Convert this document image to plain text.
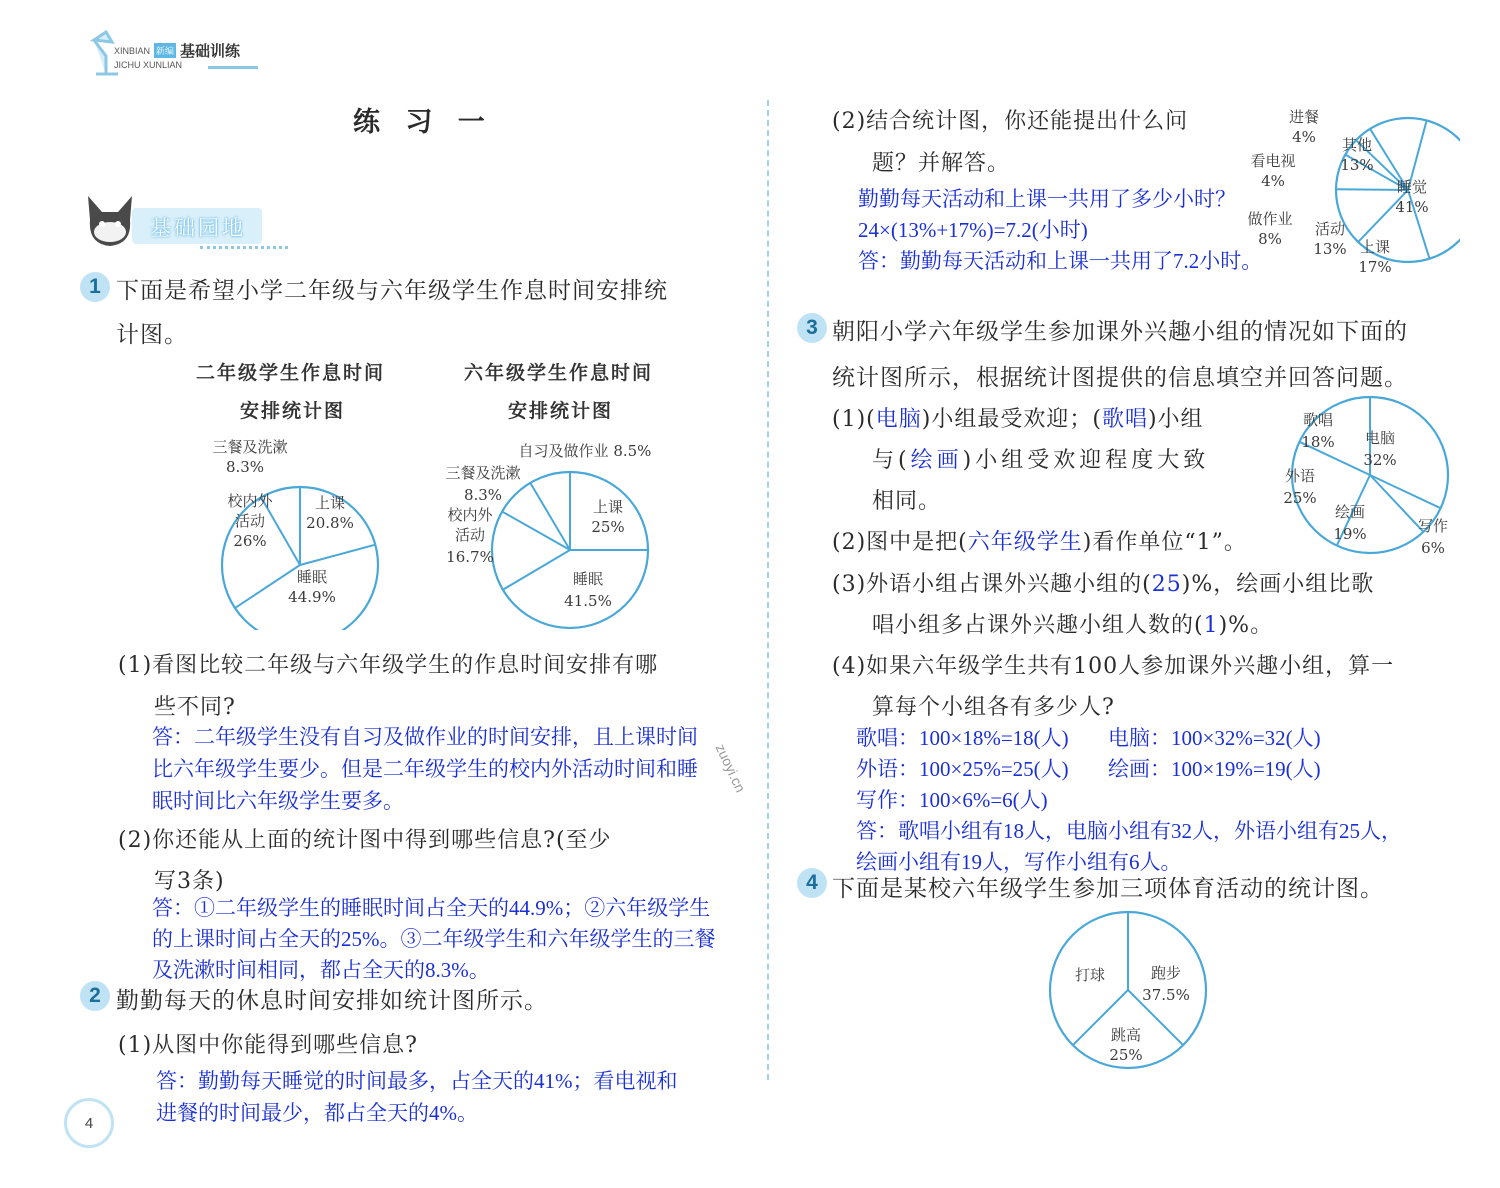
XINBIAN 新编 基础训练
JICHU XUNLIAN
练 习 一
基础园地
1 下面是希望小学二年级与六年级学生作息时间安排统
计图。
二年级学生作息时间
安排统计图
六年级学生作息时间
安排统计图
上课
20.8%
睡眠
44.9%
校内外
活动
26%
三餐及洗漱
8.3%
上课
25%
睡眠
41.5%
校内外
活动
16.7%
三餐及洗漱
8.3%
自习及做作业 8.5%
(1)看图比较二年级与六年级学生的作息时间安排有哪
些不同?
答：二年级学生没有自习及做作业的时间安排，且上课时间
比六年级学生要少。但是二年级学生的校内外活动时间和睡
眠时间比六年级学生要多。
zuoyi.cn
(2)你还能从上面的统计图中得到哪些信息?(至少
写3条)
答：①二年级学生的睡眠时间占全天的44.9%；②六年级学生
的上课时间占全天的25%。③二年级学生和六年级学生的三餐
及洗漱时间相同，都占全天的8.3%。
2 勤勤每天的休息时间安排如统计图所示。
(1)从图中你能得到哪些信息?
答：勤勤每天睡觉的时间最多，占全天的41%；看电视和
进餐的时间最少，都占全天的4%。
4
(2)结合统计图，你还能提出什么问
题？并解答。
勤勤每天活动和上课一共用了多少小时？
24×(13%+17%)=7.2(小时)
答：勤勤每天活动和上课一共用了7.2小时。
睡觉
41%
上课
17%
活动
13%
做作业
8%
看电视
4%
进餐
4% 其他
13%
3 朝阳小学六年级学生参加课外兴趣小组的情况如下面的
统计图所示，根据统计图提供的信息填空并回答问题。
(1)(电脑)小组最受欢迎；(歌唱)小组
与(绘画)小组受欢迎程度大致
相同。
(2)图中是把(六年级学生)看作单位“1”。
(3)外语小组占课外兴趣小组的(25)%，绘画小组比歌
唱小组多占课外兴趣小组人数的(1)%。
电脑
32%
写作
6%
绘画
19%
外语
25%
歌唱
18%
(4)如果六年级学生共有100人参加课外兴趣小组，算一
算每个小组各有多少人?
歌唱：100×18%=18(人) 电脑：100×32%=32(人)
外语：100×25%=25(人) 绘画：100×19%=19(人)
写作：100×6%=6(人)
答：歌唱小组有18人，电脑小组有32人，外语小组有25人，
绘画小组有19人，写作小组有6人。
4 下面是某校六年级学生参加三项体育活动的统计图。
跑步
37.5%
跳高
25%
打球
